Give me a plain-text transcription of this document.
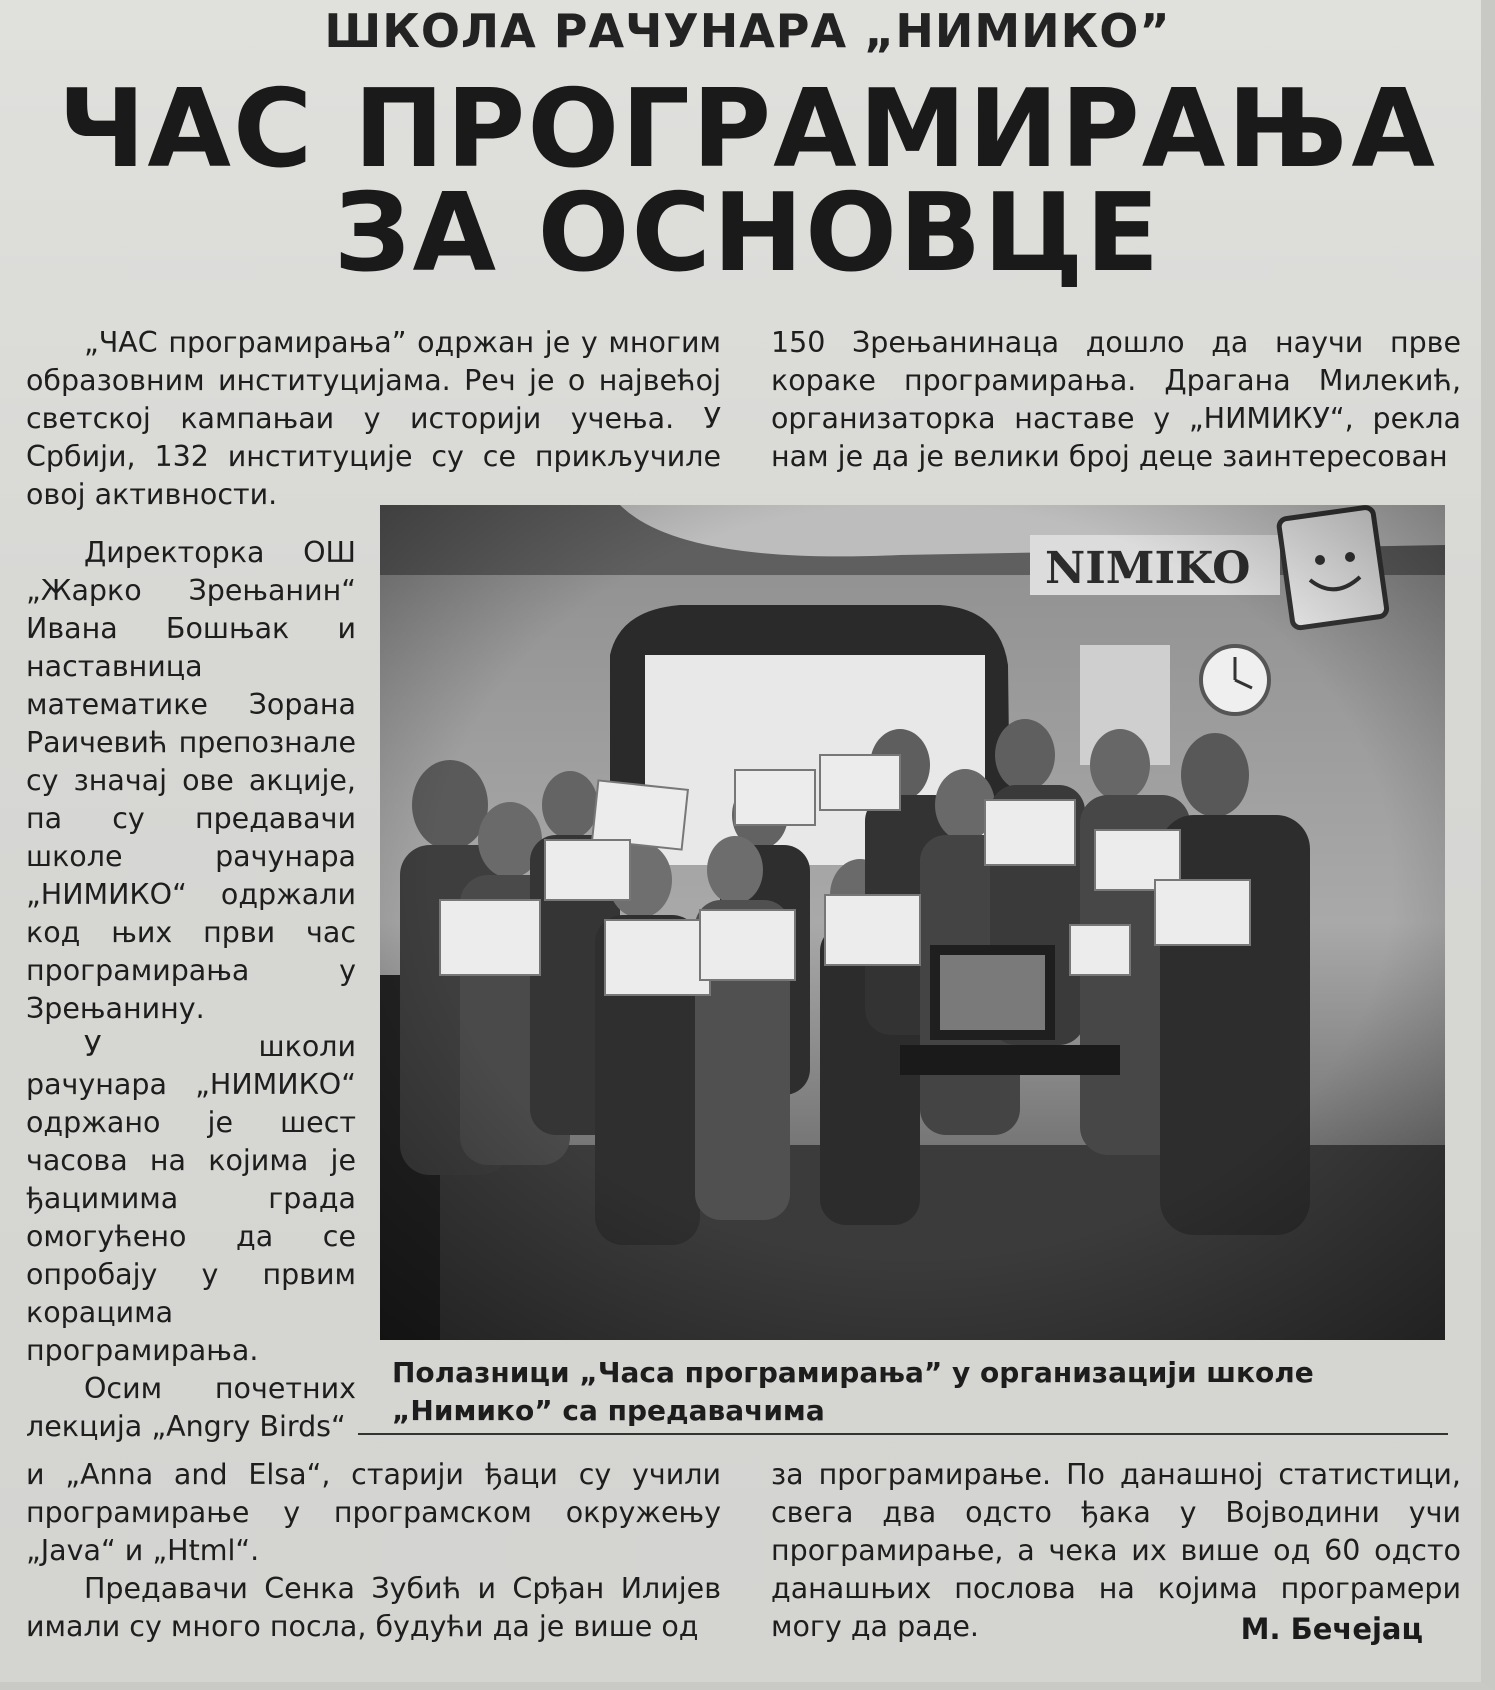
ШКОЛА РАЧУНАРА „НИМИКО”
ЧАС ПРОГРАМИРАЊА
ЗА ОСНОВЦЕ

„ЧАС програмирања” одржан је у многим образовним институцијама. Реч је о највећој светској кампањаи у историји учења. У Србији, 132 институције су се прикључиле овој активности.

150 Зрењанинаца дошло да научи прве кораке програмирања. Драгана Милекић, организаторка наставе у „НИМИКУ“, рекла нам је да је велики број деце заинтересован

Директорка ОШ „Жарко Зрењанин“ Ивана Бошњак и наставница математике Зорана Раичевић препознале су значај ове акције, па су предавачи школе рачунара „НИМИКО“ одржали код њих први час програмирања у Зрењанину.

У школи рачунара „НИМИКО“ одржано је шест часова на којима је ђацимима града омогућено да се опробају у првим корацима програмирања.

Осим почетних лекција „Angry Birds“

Полазници „Часа програмирања” у организацији школе „Нимико” са предавачима

и „Anna and Elsa“, старији ђаци су учили програмирање у програмском окружењу „Java“ и „Html“.

Предавачи Сенка Зубић и Срђан Илијев имали су много посла, будући да је више од

за програмирање. По данашној статистици, свега два одсто ђака у Војводини учи програмирање, а чека их више од 60 одсто данашњих послова на којима програмери могу да раде.	М. Бечејац
